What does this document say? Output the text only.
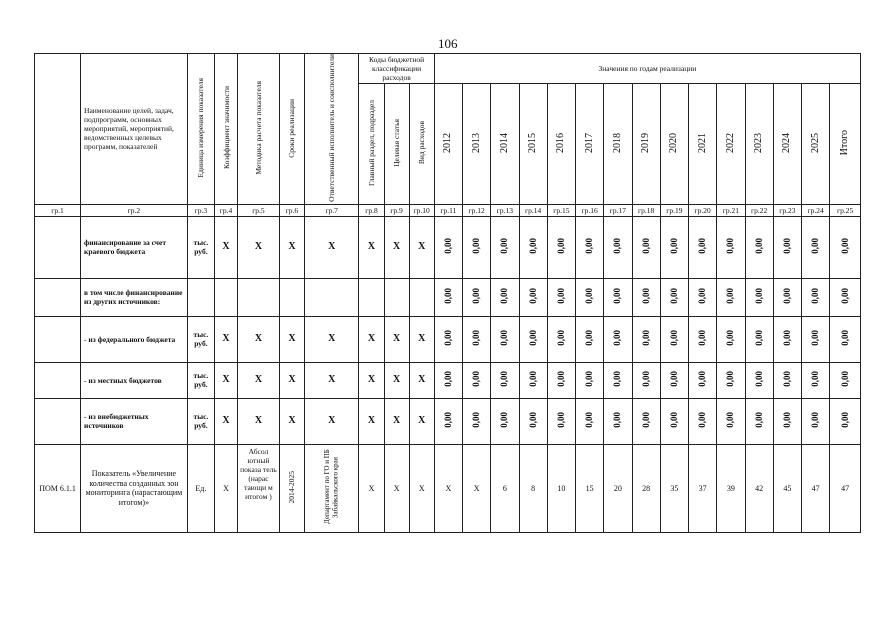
106
	Наименование целей, задач, подпрограмм, основных мероприятий, мероприятий, ведомственных целевых программ, показателей	Единица измерения показателя	Коэффициент значимости	Методика расчета показателя	Сроки реализации	Ответственный исполнитель и соисполнители	Коды бюджетной классификации расходов			Значения по годам реализации														
							Главный раздел, подраздел	Целевая статья	Вид расходов	2012	2013	2014	2015	2016	2017	2018	2019	2020	2021	2022	2023	2024	2025	Итого
гр.1	гр.2	гр.3	гр.4	гр.5	гр.6	гр.7	гр.8	гр.9	гр.10	гр.11	гр.12	гр.13	гр.14	гр.15	гр.16	гр.17	гр.18	гр.19	гр.20	гр.21	гр.22	гр.23	гр.24	гр.25
	финансирование за счет краевого бюджета	тыс. руб.	X	X	X	X	X	X	X	0,00	0,00	0,00	0,00	0,00	0,00	0,00	0,00	0,00	0,00	0,00	0,00	0,00	0,00	0,00
	в том числе финансирование из других источников:									0,00	0,00	0,00	0,00	0,00	0,00	0,00	0,00	0,00	0,00	0,00	0,00	0,00	0,00	0,00
	- из федерального бюджета	тыс. руб.	X	X	X	X	X	X	X	0,00	0,00	0,00	0,00	0,00	0,00	0,00	0,00	0,00	0,00	0,00	0,00	0,00	0,00	0,00
	- из местных бюджетов	тыс. руб.	X	X	X	X	X	X	X	0,00	0,00	0,00	0,00	0,00	0,00	0,00	0,00	0,00	0,00	0,00	0,00	0,00	0,00	0,00
	- из внебюджетных источников	тыс. руб.	X	X	X	X	X	X	X	0,00	0,00	0,00	0,00	0,00	0,00	0,00	0,00	0,00	0,00	0,00	0,00	0,00	0,00	0,00
ПОМ 6.1.1	Показатель «Увеличение количества созданных зон мониторинга (нарастающим итогом)»	Ед.	X	Абсол ютный показа тель (нарас тающи м итогом )	2014-2025	Департамент по ГО и ПБ Забайкальского края	X	X	X	X	X	6	8	10	15	20	28	35	37	39	42	45	47	47
